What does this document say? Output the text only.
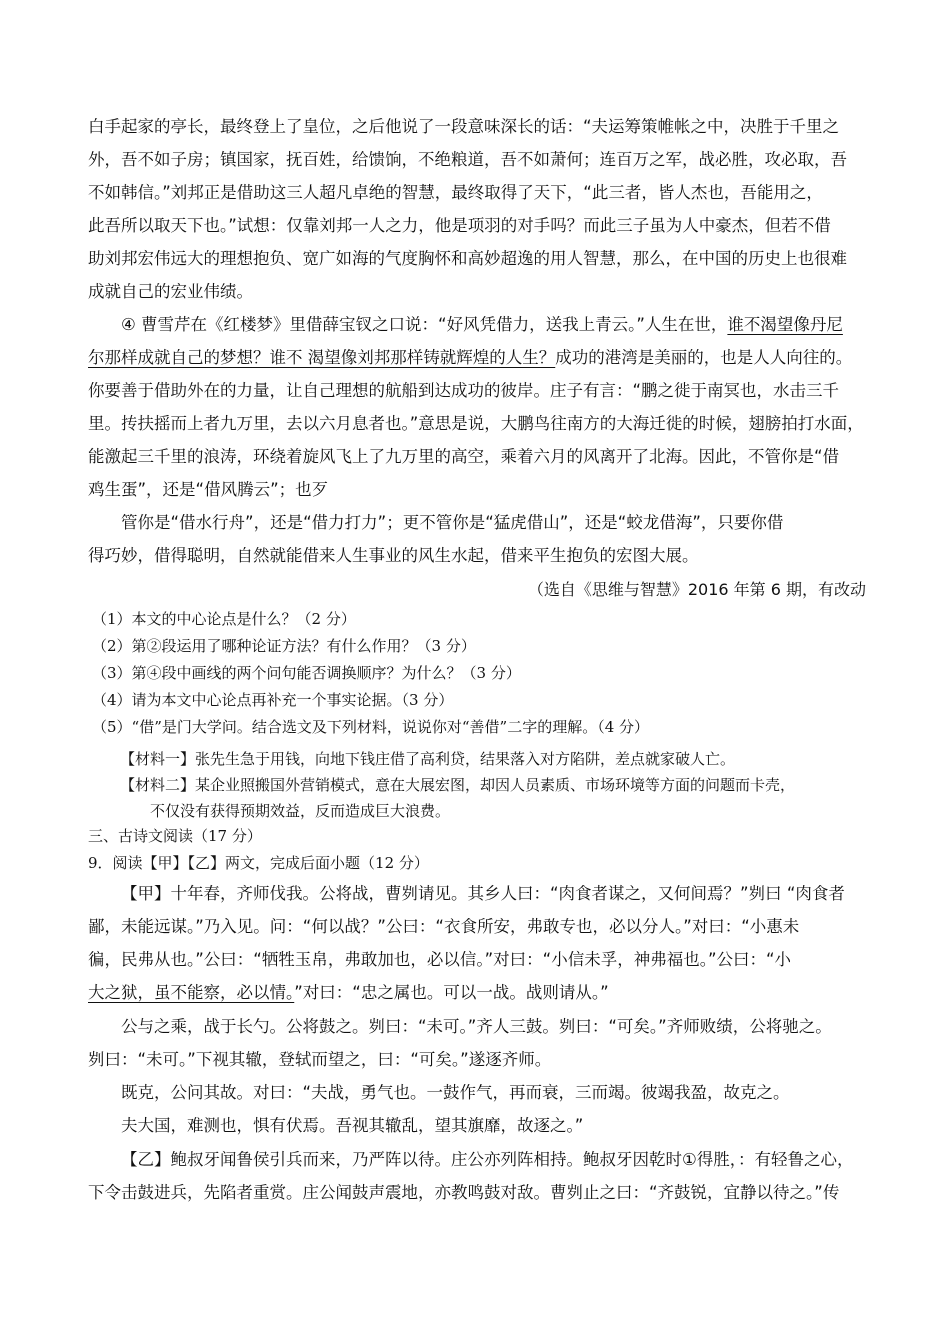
白手起家的亭长，最终登上了皇位，之后他说了一段意味深长的话：“夫运筹策帷帐之中，决胜于千里之
外，吾不如子房；镇国家，抚百姓，给馈饷，不绝粮道，吾不如萧何；连百万之军，战必胜，攻必取，吾
不如韩信。”刘邦正是借助这三人超凡卓绝的智慧，最终取得了天下，“此三者，皆人杰也，吾能用之，
此吾所以取天下也。”试想：仅靠刘邦一人之力，他是项羽的对手吗？而此三子虽为人中豪杰，但若不借
助刘邦宏伟远大的理想抱负、宽广如海的气度胸怀和高妙超逸的用人智慧，那么，在中国的历史上也很难
成就自己的宏业伟绩。
④ 曹雪芹在《红楼梦》里借薛宝钗之口说：“好风凭借力，送我上青云。”人生在世，谁不渴望像丹尼
尔那样成就自己的梦想？谁不 渴望像刘邦那样铸就辉煌的人生？成功的港湾是美丽的，也是人人向往的。
你要善于借助外在的力量，让自己理想的航船到达成功的彼岸。庄子有言：“鹏之徙于南冥也，水击三千
里。抟扶摇而上者九万里，去以六月息者也。”意思是说，大鹏鸟往南方的大海迁徙的时候，翅膀拍打水面，
能激起三千里的浪涛，环绕着旋风飞上了九万里的高空，乘着六月的风离开了北海。因此，不管你是“借
鸡生蛋”，还是“借风腾云”；也歹
管你是“借水行舟”，还是“借力打力”；更不管你是“猛虎借山”，还是“蛟龙借海”，只要你借
得巧妙，借得聪明，自然就能借来人生事业的风生水起，借来平生抱负的宏图大展。

（选自《思维与智慧》2016 年第 6 期，有改动

（1）本文的中心论点是什么？（2 分）
（2）第②段运用了哪种论证方法？有什么作用？（3 分）
（3）第④段中画线的两个问句能否调换顺序？为什么？（3 分）
（4）请为本文中心论点再补充一个事实论据。（3 分）
（5）“借”是门大学问。结合选文及下列材料，说说你对“善借”二字的理解。（4 分）
【材料一】张先生急于用钱，向地下钱庄借了高利贷，结果落入对方陷阱，差点就家破人亡。
【材料二】某企业照搬国外营销模式，意在大展宏图，却因人员素质、市场环境等方面的问题而卡壳，
不仅没有获得预期效益，反而造成巨大浪费。

三、古诗文阅读（17 分）

9．阅读【甲】【乙】两文，完成后面小题（12 分）

【甲】十年春，齐师伐我。公将战，曹刿请见。其乡人曰：“肉食者谋之，又何间焉？”刿曰 “肉食者
鄙，未能远谋。”乃入见。问：“何以战？”公曰：“衣食所安，弗敢专也，必以分人。”对曰：“小惠未
徧，民弗从也。”公曰：“牺牲玉帛，弗敢加也，必以信。”对曰：“小信未孚，神弗福也。”公曰：“小
大之狱，虽不能察，必以情。”对曰：“忠之属也。可以一战。战则请从。”
公与之乘，战于长勺。公将鼓之。刿曰：“未可。”齐人三鼓。刿曰：“可矣。”齐师败绩，公将驰之。
刿曰：“未可。”下视其辙，登轼而望之，曰：“可矣。”遂逐齐师。
既克，公问其故。对曰：“夫战，勇气也。一鼓作气，再而衰，三而竭。彼竭我盈，故克之。
夫大国，难测也，惧有伏焉。吾视其辙乱，望其旗靡，故逐之。”
【乙】鲍叔牙闻鲁侯引兵而来，乃严阵以待。庄公亦列阵相持。鲍叔牙因乾时①得胜，：有轻鲁之心，
下令击鼓进兵，先陷者重赏。庄公闻鼓声震地，亦教鸣鼓对敌。曹刿止之曰：“齐鼓锐，宜静以待之。”传
